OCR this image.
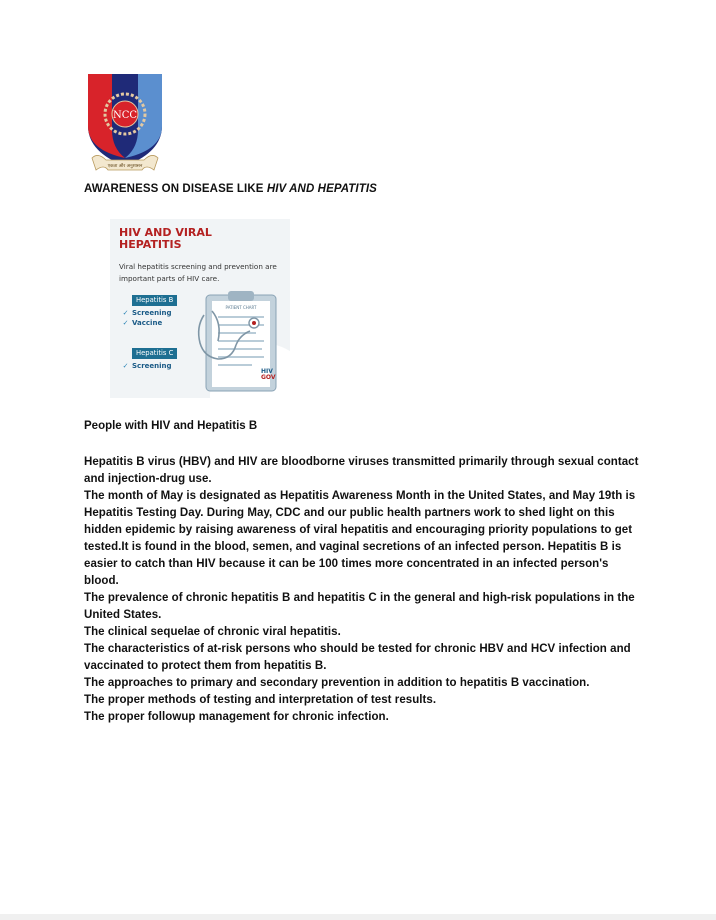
NCC
एकता और अनुशासन
AWARENESS ON DISEASE LIKE HIV AND HEPATITIS
HIV AND VIRAL HEPATITIS
Viral hepatitis screening and prevention are important parts of HIV care.
PATIENT CHART
Hepatitis B
✓ Screening
✓ Vaccine
Hepatitis C
✓ Screening
HIV
GOV
People with HIV and Hepatitis B

Hepatitis B virus (HBV) and HIV are bloodborne viruses transmitted primarily through sexual contact and injection-drug use.

The month of May is designated as Hepatitis Awareness Month in the United States, and May 19th is Hepatitis Testing Day. During May, CDC and our public health partners work to shed light on this hidden epidemic by raising awareness of viral hepatitis and encouraging priority populations to get tested.It is found in the blood, semen, and vaginal secretions of an infected person. Hepatitis B is easier to catch than HIV because it can be 100 times more concentrated in an infected person's blood.

The prevalence of chronic hepatitis B and hepatitis C in the general and high-risk populations in the United States.

The clinical sequelae of chronic viral hepatitis.

The characteristics of at-risk persons who should be tested for chronic HBV and HCV infection and vaccinated to protect them from hepatitis B.

The approaches to primary and secondary prevention in addition to hepatitis B vaccination.

The proper methods of testing and interpretation of test results.

The proper followup management for chronic infection.
